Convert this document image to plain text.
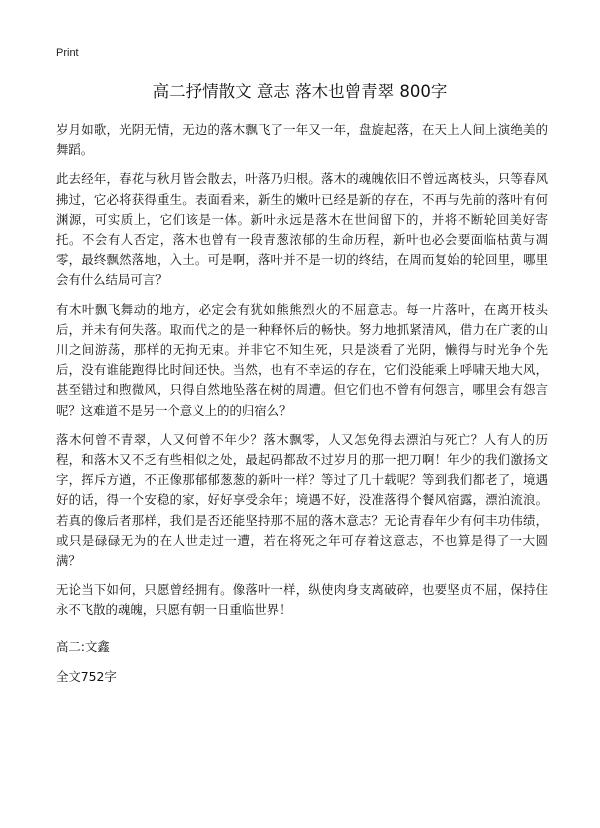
Print
高二抒情散文 意志 落木也曾青翠 800字

岁月如歌，光阴无情，无边的落木飘飞了一年又一年，盘旋起落，在天上人间上演绝美的舞蹈。

此去经年，春花与秋月皆会散去，叶落乃归根。落木的魂魄依旧不曾远离枝头，只等春风拂过，它必将获得重生。表面看来，新生的嫩叶已经是新的存在，不再与先前的落叶有何渊源，可实质上，它们该是一体。新叶永远是落木在世间留下的，并将不断轮回美好寄托。不会有人否定，落木也曾有一段青葱浓郁的生命历程，新叶也必会要面临枯黄与凋零，最终飘然落地，入土。可是啊，落叶并不是一切的终结，在周而复始的轮回里，哪里会有什么结局可言？

有木叶飘飞舞动的地方，必定会有犹如熊熊烈火的不屈意志。每一片落叶，在离开枝头后，并未有何失落。取而代之的是一种释怀后的畅快。努力地抓紧清风，借力在广袤的山川之间游荡，那样的无拘无束。并非它不知生死，只是淡看了光阴，懒得与时光争个先后，没有谁能跑得比时间还快。当然，也有不幸运的存在，它们没能乘上呼啸天地大风，甚至错过和煦微风，只得自然地坠落在树的周遭。但它们也不曾有何怨言，哪里会有怨言呢？这难道不是另一个意义上的的归宿么？

落木何曾不青翠，人又何曾不年少？落木飘零，人又怎免得去漂泊与死亡？人有人的历程，和落木又不乏有些相似之处，最起码都敌不过岁月的那一把刀啊！年少的我们激扬文字，挥斥方遒，不正像那郁郁葱葱的新叶一样？等过了几十载呢？等到我们都老了，境遇好的话，得一个安稳的家，好好享受余年；境遇不好，没准落得个餐风宿露，漂泊流浪。若真的像后者那样，我们是否还能坚持那不屈的落木意志？无论青春年少有何丰功伟绩，或只是碌碌无为的在人世走过一遭，若在将死之年可存着这意志，不也算是得了一大圆满？

无论当下如何，只愿曾经拥有。像落叶一样，纵使肉身支离破碎，也要坚贞不屈，保持住永不飞散的魂魄，只愿有朝一日重临世界！

高二:文鑫

全文752字
